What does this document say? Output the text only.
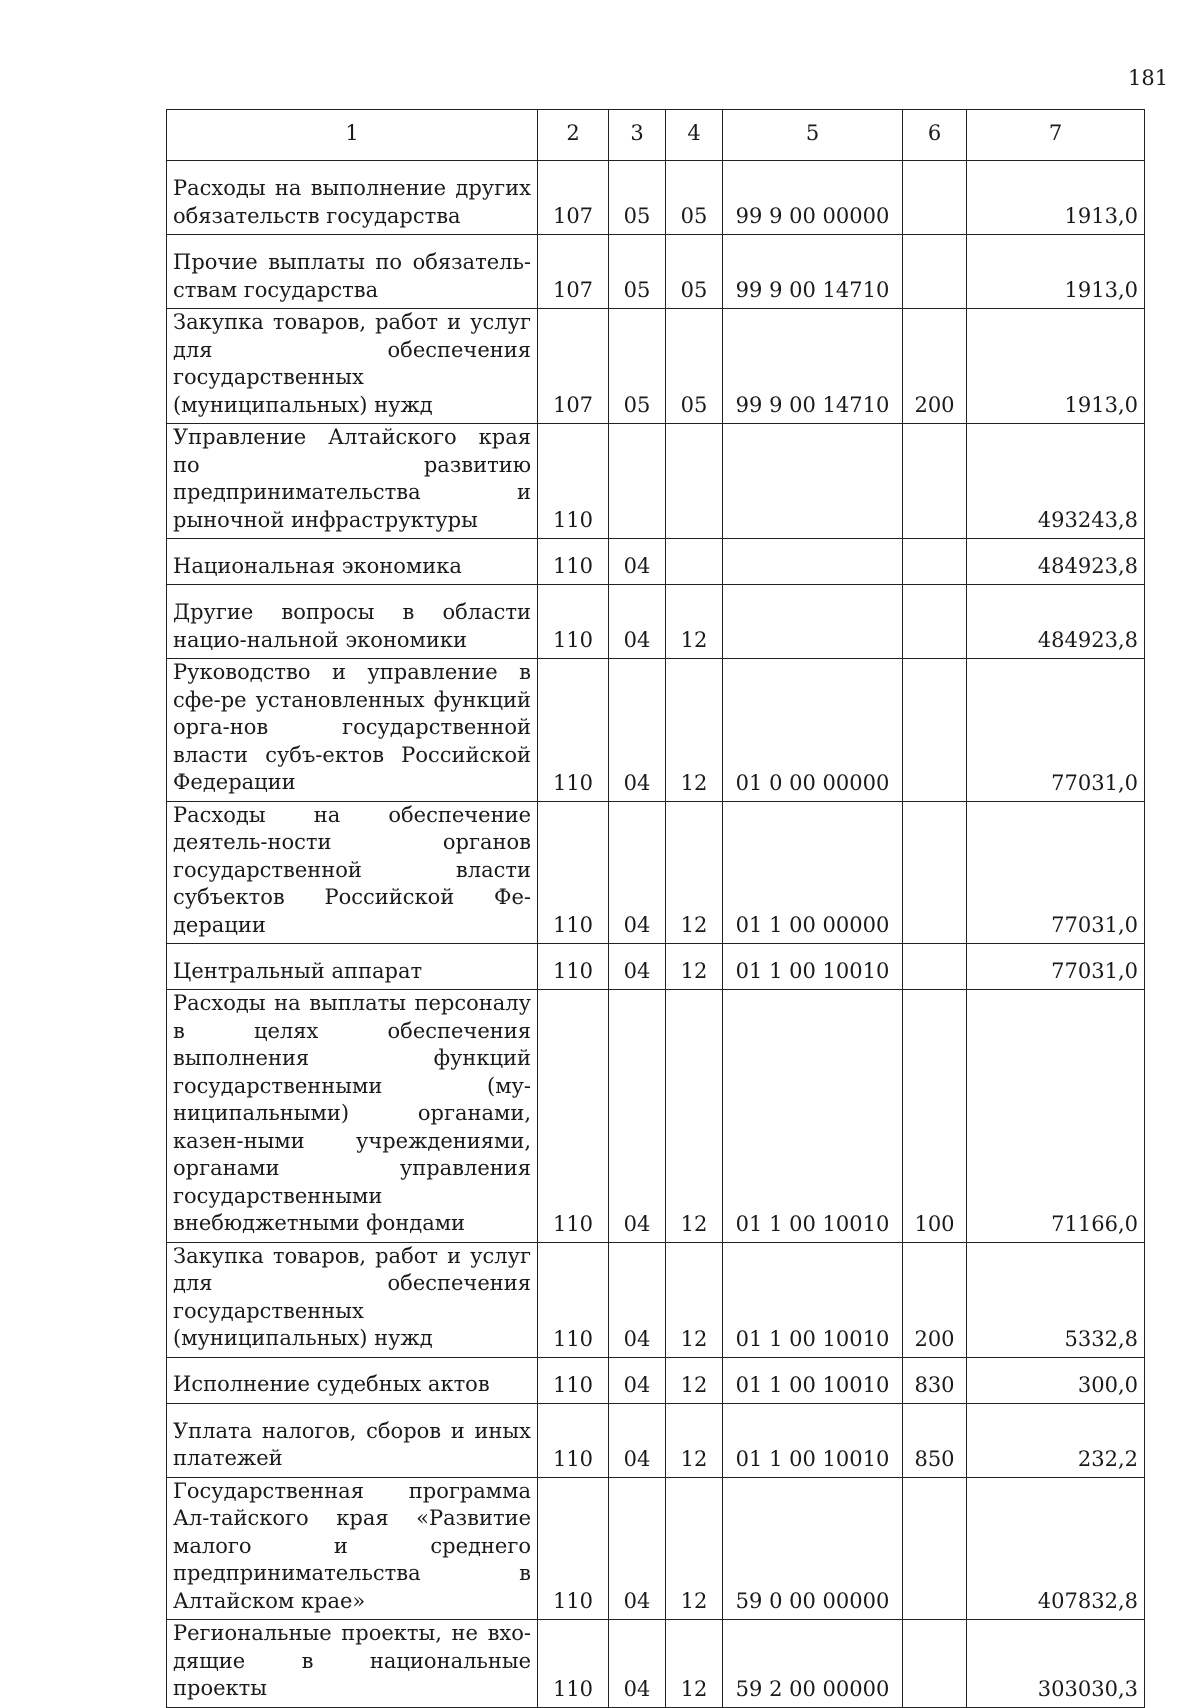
181
1	2	3	4	5	6	7
Расходы на выполнение других обязательств государства	107	05	05	99 9 00 00000		1913,0
Прочие выплаты по обязатель-ствам государства	107	05	05	99 9 00 14710		1913,0
Закупка товаров, работ и услуг для обеспечения государственных (муниципальных) нужд	107	05	05	99 9 00 14710	200	1913,0
Управление Алтайского края по развитию предпринимательства и рыночной инфраструктуры	110					493243,8
Национальная экономика	110	04				484923,8
Другие вопросы в области нацио-нальной экономики	110	04	12			484923,8
Руководство и управление в сфе-ре установленных функций орга-нов государственной власти субъ-ектов Российской Федерации	110	04	12	01 0 00 00000		77031,0
Расходы на обеспечение деятель-ности органов государственной власти субъектов Российской Фе-дерации	110	04	12	01 1 00 00000		77031,0
Центральный аппарат	110	04	12	01 1 00 10010		77031,0
Расходы на выплаты персоналу в целях обеспечения выполнения функций государственными (му-ниципальными) органами, казен-ными учреждениями, органами управления государственными внебюджетными фондами	110	04	12	01 1 00 10010	100	71166,0
Закупка товаров, работ и услуг для обеспечения государственных (муниципальных) нужд	110	04	12	01 1 00 10010	200	5332,8
Исполнение судебных актов	110	04	12	01 1 00 10010	830	300,0
Уплата налогов, сборов и иных платежей	110	04	12	01 1 00 10010	850	232,2
Государственная программа Ал-тайского края «Развитие малого и среднего предпринимательства в Алтайском крае»	110	04	12	59 0 00 00000		407832,8
Региональные проекты, не вхо-дящие в национальные проекты	110	04	12	59 2 00 00000		303030,3
